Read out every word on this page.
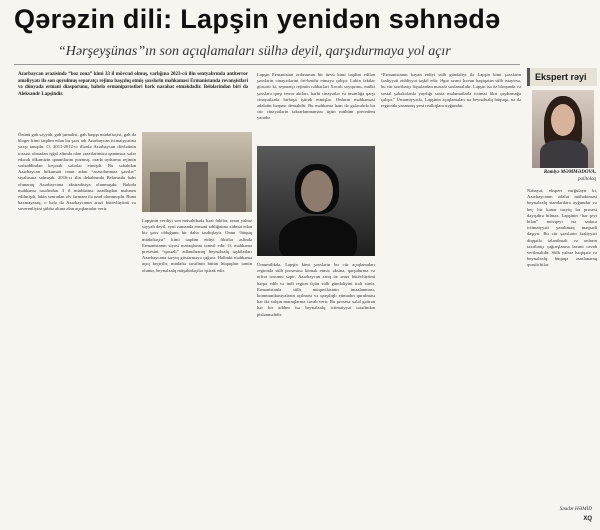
Qərəzin dili: Lapşin yenidən səhnədə
“Hərşeyşünas”ın son açıqlamaları sülhə deyil, qarşıdurmaya yol açır
Azərbaycan ərazisində “boz zona” kimi 33 il mövcud olmuş, varlığına 2023-cü ilin sentyabrında antiterror əməliyyatı ilə son qoyulmuş separatçı rejimə başçılıq etmiş şəxslərin məhkəməsi Ermənistanda revanşistləri və dünyada erməni diasporunu, habelə ermənipərəstləri bərk narahat etməkdədir. Belələrindən biri də Aleksandr Lapşindir.
Özünü gah səyyah, gah jurnalist, gah haqqa müdafiəçisi, gah da bloger kimi təqdim edən bu şəxs adı Azərbaycan icimaiyyətinə yaxşı tanışdır. O, 2011-2012-ci illərdə Azərbaycan dövlətinin icazəsi olmadan işğal altında olan ərazilərimizə qanunsuz səfər edərək ölkəmizin qanunlarını pozmuş, orada uydurma rejimin sərhəddindən keçərək səfərlər etmişdi. Bu səbəbdən Azərbaycan hökuməti onun adını “arzuolunmaz şəxslər” siyahısına salmışdı. 2016-cı ilin dekabrında Belarusda həbs olunaraq Azərbaycana ekstradisiya olunmuşdu. Bakıda məhkəmə tərəfindən 3 il müddətinə azadlıqdan məhrum edilmişdi, lakin sonradan əfv fərmanı ilə azad olunmuşdu. Buna baxmayaraq, o hələ də Azərbaycanın ərazi bütövlüyünü və suverenliyini şübhə altına alan açıqlamalar verir.
Lapşinin verdiyi son müsahibədə bəzi faktlar, onun yalnız səyyah deyil, eyni zamanda erməni təbliğatına xidmət edən bir şəxs olduğunu bir daha təsdiqləyir. Onun “hüquq müdafiəçisi” kimi təqdim etdiyi fikirlər əslində Ermənistanın siyasi maraqlarını təmsil edir. O, məhkəmə prosesini “qərəzli” adlandıraraq beynəlxalq təşkilatları Azərbaycana təzyiq göstərməyə çağırır. Halbuki məhkəmə açıq keçirilir, müdafiə tərəfinin bütün hüquqları təmin olunur, beynəlxalq müşahidəçilər iştirak edir.
Lapşin Ermənistan ordusunun bir üzvü kimi təqdim edilən şəxslərin cinayətlərini ört-basdır etməyə çalışır. Lakin faktlar göstərir ki, separatçı rejimin rəhbərləri Xocalı soyqırımı, mülki şəxslərə qarşı terror aktları, hərbi cinayətlər və insanlığa qarşı cinayətlərdə birbaşa iştirak etmişlər. Onların məhkəməsi ədalətin bərpası deməkdir. Bu məhkəmə həm də gələcəkdə bu cür cinayətlərin təkrarlanmaması üçün mühüm precedent yaradır.
Ümumilikdə, Lapşin kimi şəxslərin bu cür açıqlamaları regionda sülh prosesinə kömək etmir, əksinə, qarşıdurma və nifrət toxumu səpir. Azərbaycan artıq öz ərazi bütövlüyünü bərpa edib və indi region üçün sülh gündəliyini irəli sürür. Ermənistanla sülh müqaviləsinin imzalanması, kommunikasiyaların açılması və qarşılıqlı etimadın qurulması hər iki xalqın maraqlarına cavab verir. Bu prosesə xələl gətirən hər bir addım isə beynəlxalq ictimaiyyət tərəfindən pislənməlidir.
“Ermənistanın bəyan etdiyi sülh gündəliyi ilə Lapşin kimi şəxslərin fəaliyyəti ziddiyyət təşkil edir. Əgər rəsmi İrəvan həqiqətən sülh istəyirsə, bu cür təxribatçı fiqurlardan məsafə saxlamalıdır. Lapşin isə öz bloqunda və sosial şəbəkələrdə yaydığı saxta məlumatlarla ictimai fikri çaşdırmağa çalışır.” Ümumiyyətlə, Lapşinin açıqlamaları nə beynəlxalq hüquqa, nə də regionda yaranmış yeni reallıqlara uyğundur.
Ekspert rəyi
Ramiyə MƏMMƏDOVA,
politoloq
Nəhayət, ekspert vurğulayır ki, Azərbaycanın ədalət mühakiməsi beynəlxalq standartlara uyğundur və heç bir kənar təzyiq bu prosesi dəyişdirə bilməz. Lapşinin “hər şeyi bilən” mövqeyi isə sadəcə ictimaiyyəti yanıltmaq məqsədi daşıyır. Bu cür şəxslərin fəaliyyəti diqqətlə izlənilməli və onların təxribatçı çağırışlarına lazımi cavab verilməlidir. Sülh yalnız həqiqətə və beynəlxalq hüquqa əsaslanaraq qurula bilər.
Səadət HƏMİD
XQ
